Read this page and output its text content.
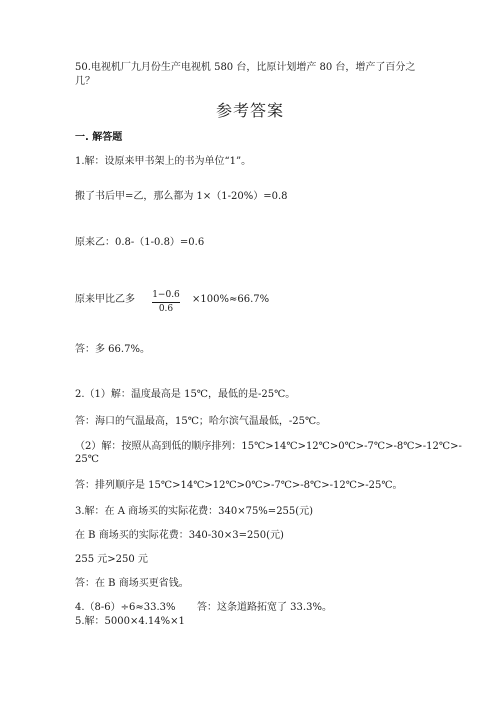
50.电视机厂九月份生产电视机 580 台，比原计划增产 80 台，增产了百分之
几？
参考答案
一. 解答题
1.解：设原来甲书架上的书为单位“1”。
搬了书后甲=乙，那么都为 1×（1-20%）=0.8
原来乙：0.8-（1-0.8）=0.6
原来甲比乙多 1−0.6
0.6
×100%≈66.7%
答：多 66.7%。
2.（1）解：温度最高是 15℃，最低的是-25℃。
答：海口的气温最高，15℃；哈尔滨气温最低，-25℃。
（2）解：按照从高到低的顺序排列：15℃>14℃>12℃>0℃>-7℃>-8℃>-12℃>-
25℃
答：排列顺序是 15℃>14℃>12℃>0℃>-7℃>-8℃>-12℃>-25℃。
3.解：在 A 商场买的实际花费：340×75%=255(元)
在 B 商场买的实际花费：340-30×3=250(元)
255 元>250 元
答：在 B 商场买更省钱。
4.（8-6）÷6≈33.3% 答：这条道路拓宽了 33.3%。
5.解：5000×4.14%×1
